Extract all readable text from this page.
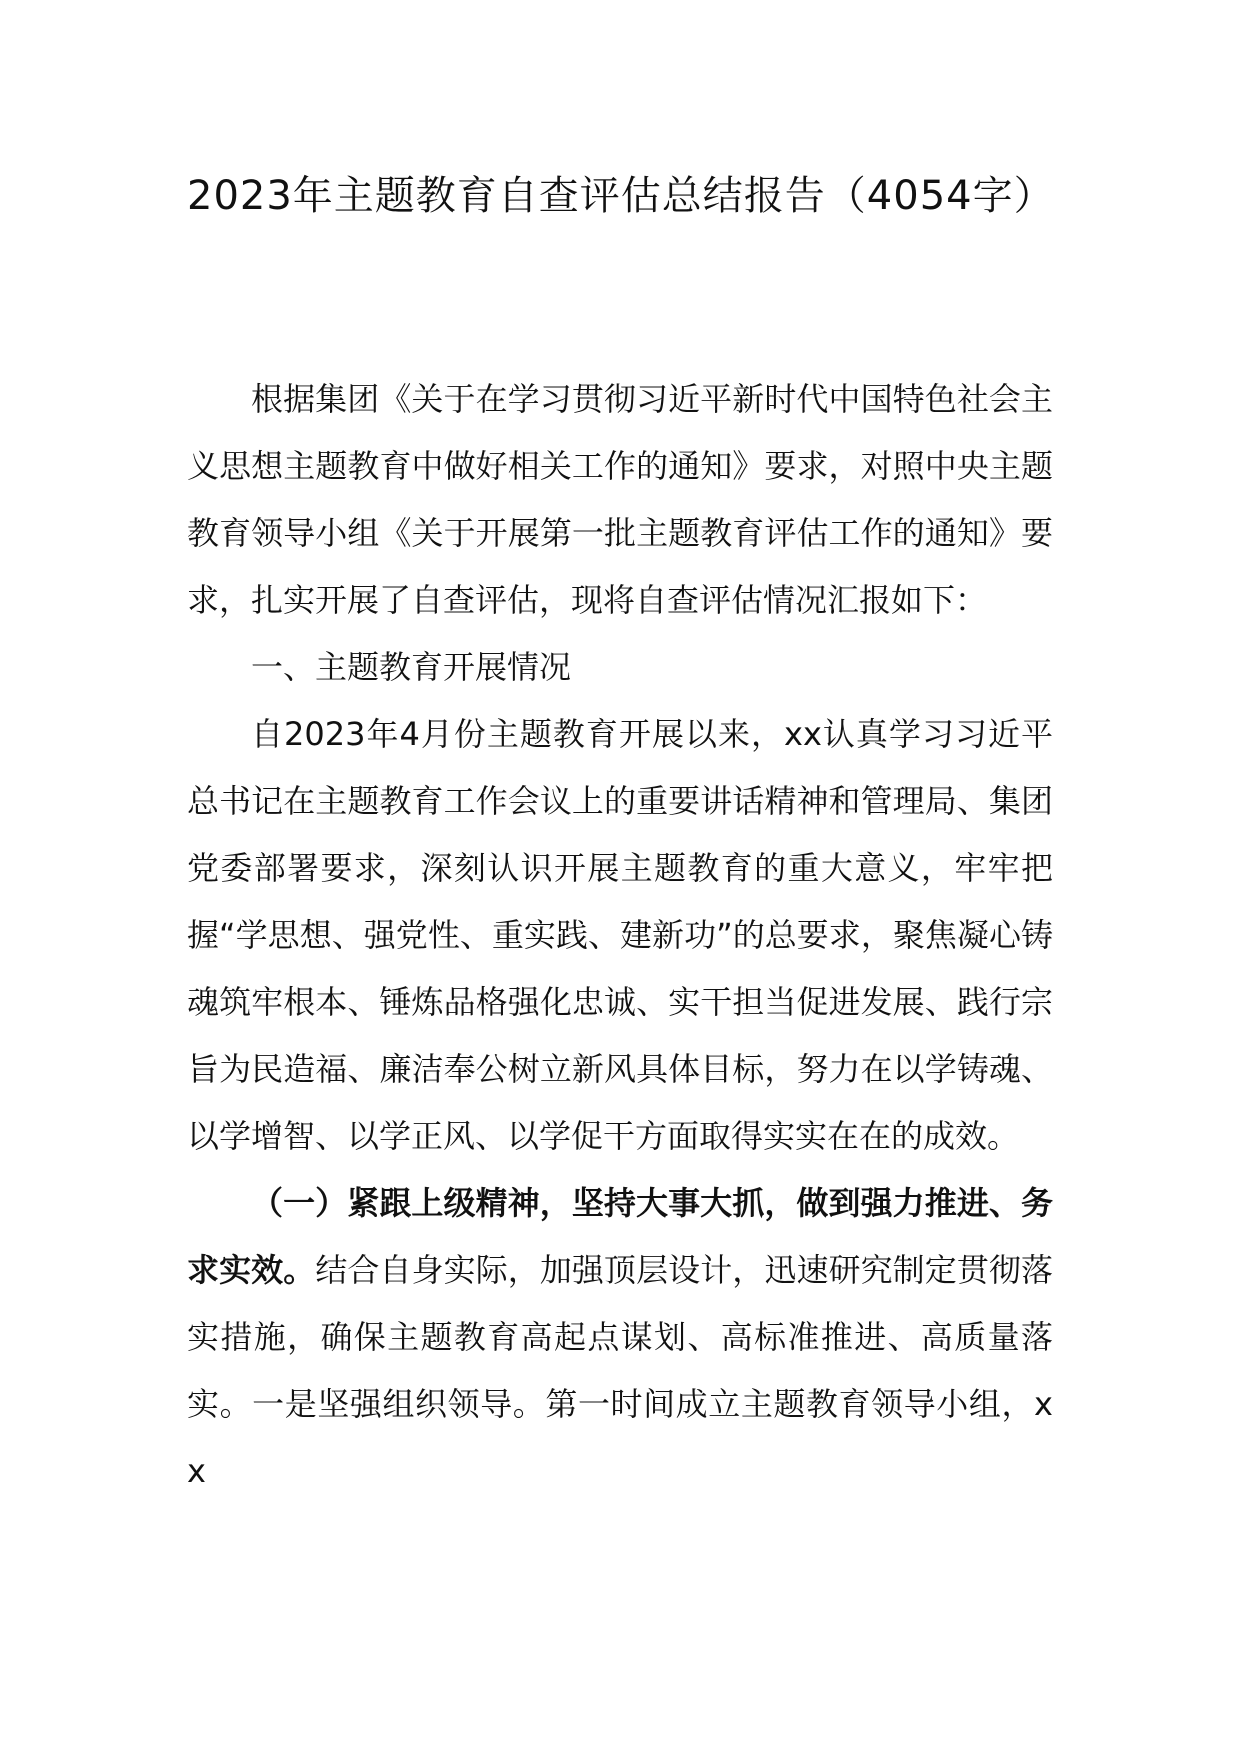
2023年主题教育自查评估总结报告（4054字）

根据集团《关于在学习贯彻习近平新时代中国特色社会主义思想主题教育中做好相关工作的通知》要求，对照中央主题教育领导小组《关于开展第一批主题教育评估工作的通知》要求，扎实开展了自查评估，现将自查评估情况汇报如下：

一、主题教育开展情况

自2023年4月份主题教育开展以来，xx认真学习习近平总书记在主题教育工作会议上的重要讲话精神和管理局、集团党委部署要求，深刻认识开展主题教育的重大意义，牢牢把握“学思想、强党性、重实践、建新功”的总要求，聚焦凝心铸魂筑牢根本、锤炼品格强化忠诚、实干担当促进发展、践行宗旨为民造福、廉洁奉公树立新风具体目标，努力在以学铸魂、以学增智、以学正风、以学促干方面取得实实在在的成效。

（一）紧跟上级精神，坚持大事大抓，做到强力推进、务求实效。结合自身实际，加强顶层设计，迅速研究制定贯彻落实措施，确保主题教育高起点谋划、高标准推进、高质量落实。一是坚强组织领导。第一时间成立主题教育领导小组，xx
